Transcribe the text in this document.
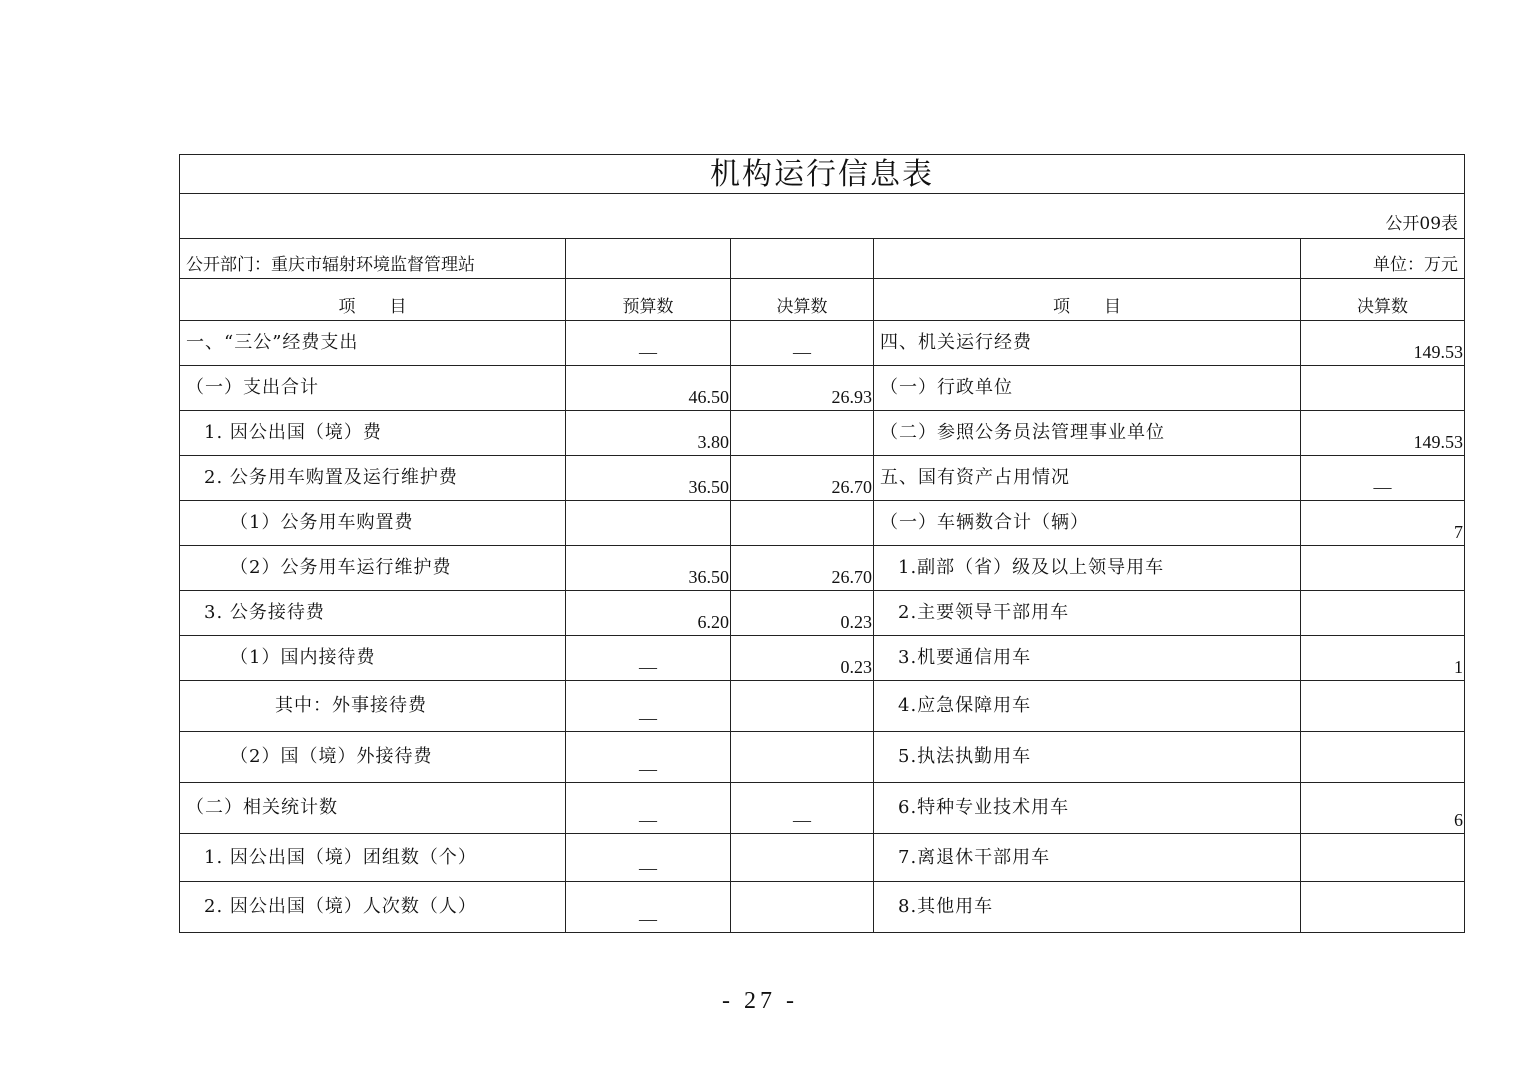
机构运行信息表				
公开09表				
公开部门：重庆市辐射环境监督管理站				单位：万元
项　　目	预算数	决算数	项　　目	决算数
一、“三公”经费支出	—	—	四、机关运行经费	149.53
（一）支出合计	46.50	26.93	（一）行政单位	
1. 因公出国（境）费	3.80		（二）参照公务员法管理事业单位	149.53
2. 公务用车购置及运行维护费	36.50	26.70	五、国有资产占用情况	—
（1）公务用车购置费			（一）车辆数合计（辆）	7
（2）公务用车运行维护费	36.50	26.70	1.副部（省）级及以上领导用车	
3. 公务接待费	6.20	0.23	2.主要领导干部用车	
（1）国内接待费	—	0.23	3.机要通信用车	1
其中：外事接待费	—		4.应急保障用车	
（2）国（境）外接待费	—		5.执法执勤用车	
（二）相关统计数	—	—	6.特种专业技术用车	6
1. 因公出国（境）团组数（个）	—		7.离退休干部用车	
2. 因公出国（境）人次数（人）	—		8.其他用车	
- 27 -
